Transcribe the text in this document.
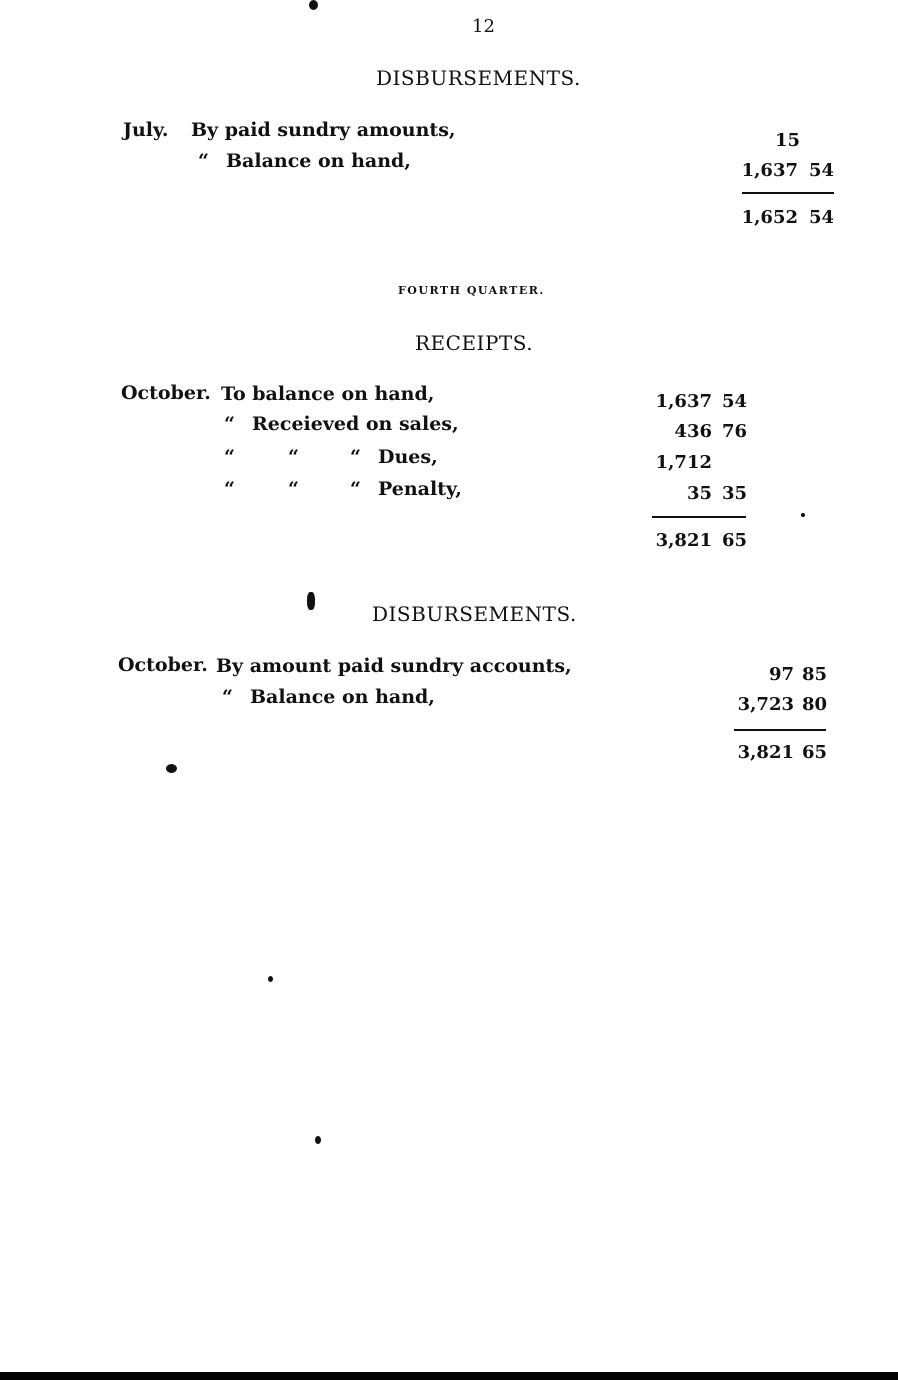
12
DISBURSEMENTS.
July. By paid sundry amounts,	15
“ Balance on hand,	1,637 54
1,652 54
FOURTH QUARTER.
RECEIPTS.
October. To balance on hand,	1,637 54
“ Receieved on sales,	436 76
“	“	“ Dues,	1,712
“	“	“ Penalty,	35 35
3,821 65
DISBURSEMENTS.
October. By amount paid sundry accounts,	97 85
“ Balance on hand,	3,723 80
3,821 65
